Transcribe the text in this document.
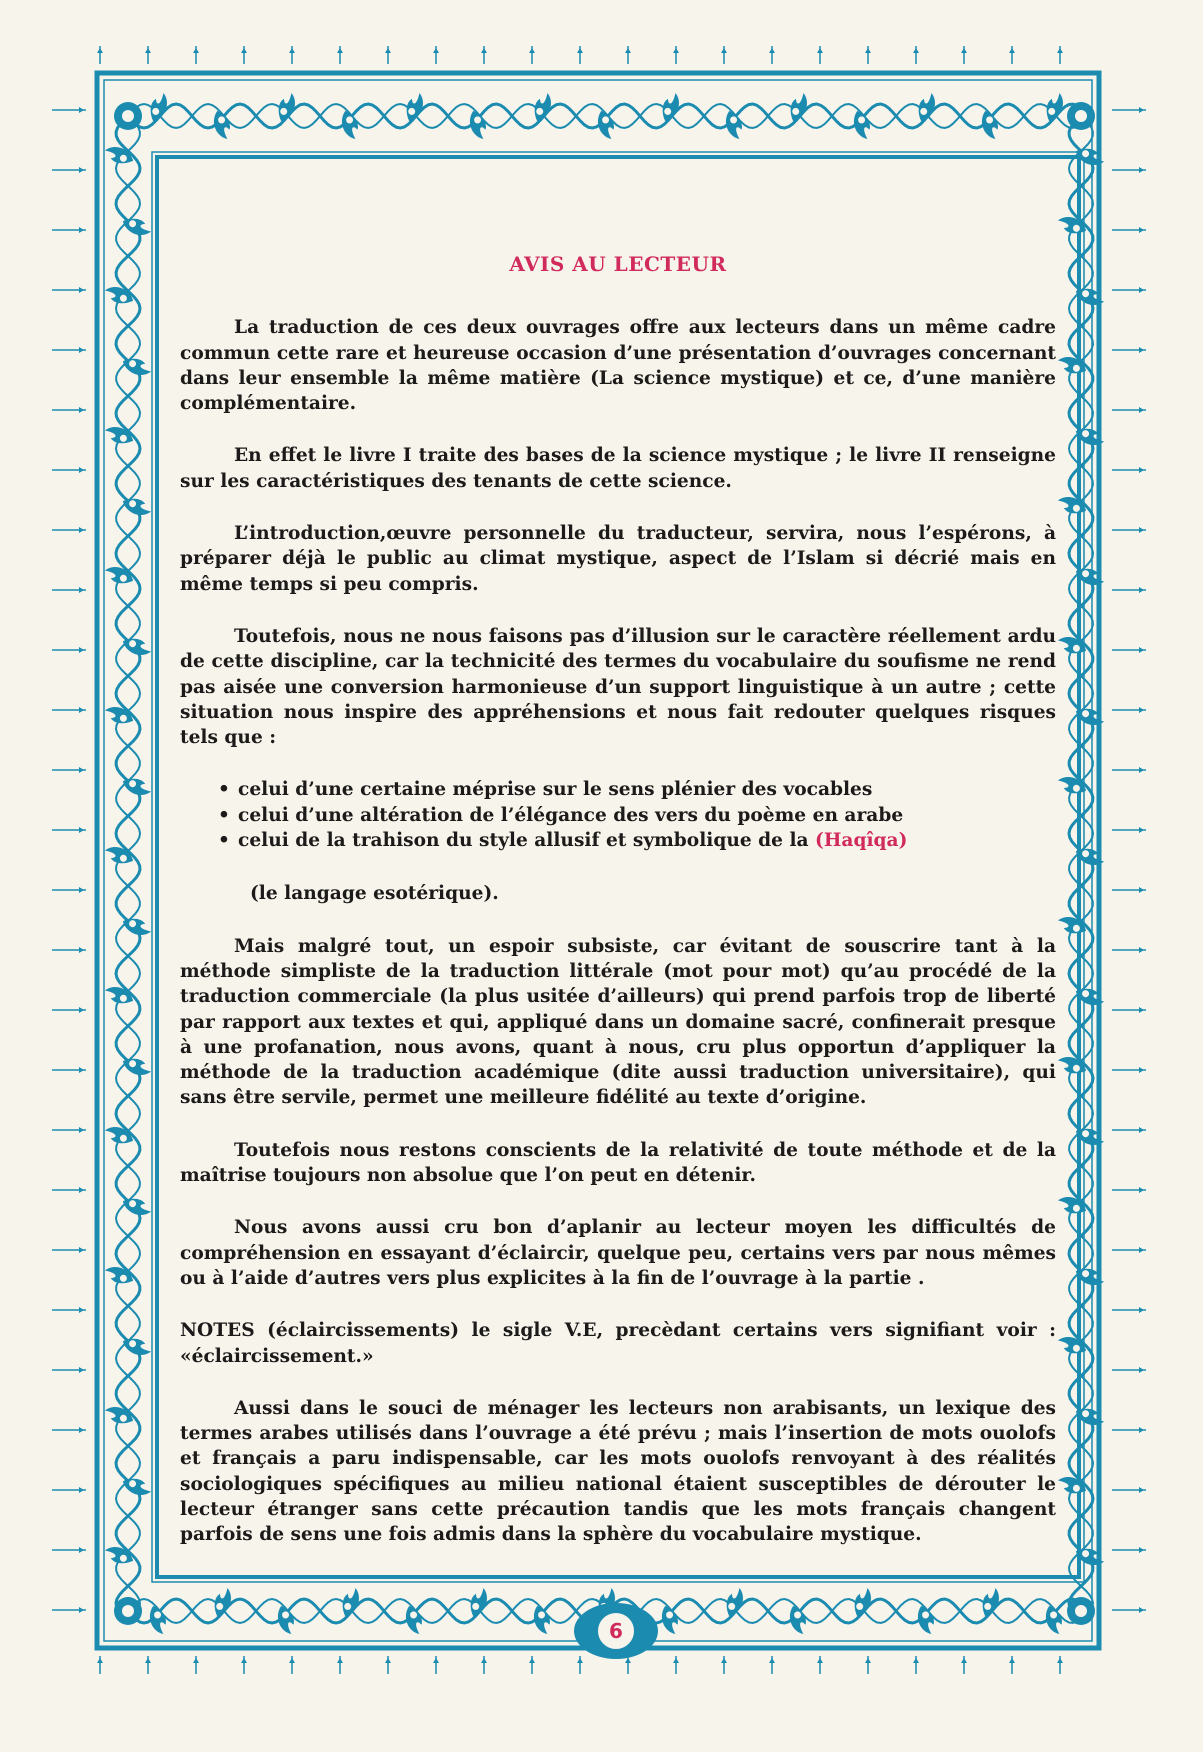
AVIS AU LECTEUR

La traduction de ces deux ouvrages offre aux lecteurs dans un même cadre commun cette rare et heureuse occasion d’une présentation d’ouvrages concernant dans leur ensemble la même matière (La science mystique) et ce, d’une manière complémentaire.

En effet le livre I traite des bases de la science mystique ; le livre II renseigne sur les caractéristiques des tenants de cette science.

L’introduction,œuvre personnelle du traducteur, servira, nous l’espérons, à préparer déjà le public au climat mystique, aspect de l’Islam si décrié mais en même temps si peu compris.

Toutefois, nous ne nous faisons pas d’illusion sur le caractère réellement ardu de cette discipline, car la technicité des termes du vocabulaire du soufisme ne rend pas aisée une conversion harmonieuse d’un support linguistique à un autre ; cette situation nous inspire des appréhensions et nous fait redouter quelques risques tels que :

• celui d’une certaine méprise sur le sens plénier des vocables
• celui d’une altération de l’élégance des vers du poème en arabe
• celui de la trahison du style allusif et symbolique de la (Haqîqa)
(le langage esotérique).

Mais malgré tout, un espoir subsiste, car évitant de souscrire tant à la méthode simpliste de la traduction littérale (mot pour mot) qu’au procédé de la traduction commerciale (la plus usitée d’ailleurs) qui prend parfois trop de liberté par rapport aux textes et qui, appliqué dans un domaine sacré, confinerait presque à une profanation, nous avons, quant à nous, cru plus opportun d’appliquer la méthode de la traduction académique (dite aussi traduction universitaire), qui sans être servile, permet une meilleure fidélité au texte d’origine.

Toutefois nous restons conscients de la relativité de toute méthode et de la maîtrise toujours non absolue que l’on peut en détenir.

Nous avons aussi cru bon d’aplanir au lecteur moyen les difficultés de compréhension en essayant d’éclaircir, quelque peu, certains vers par nous mêmes ou à l’aide d’autres vers plus explicites à la fin de l’ouvrage à la partie .

NOTES (éclaircissements) le sigle V.E, precèdant certains vers signifiant voir : «éclaircissement.»

Aussi dans le souci de ménager les lecteurs non arabisants, un lexique des termes arabes utilisés dans l’ouvrage a été prévu ; mais l’insertion de mots ouolofs et français a paru indispensable, car les mots ouolofs renvoyant à des réalités sociologiques spécifiques au milieu national étaient susceptibles de dérouter le lecteur étranger sans cette précaution tandis que les mots français changent parfois de sens une fois admis dans la sphère du vocabulaire mystique.

6
